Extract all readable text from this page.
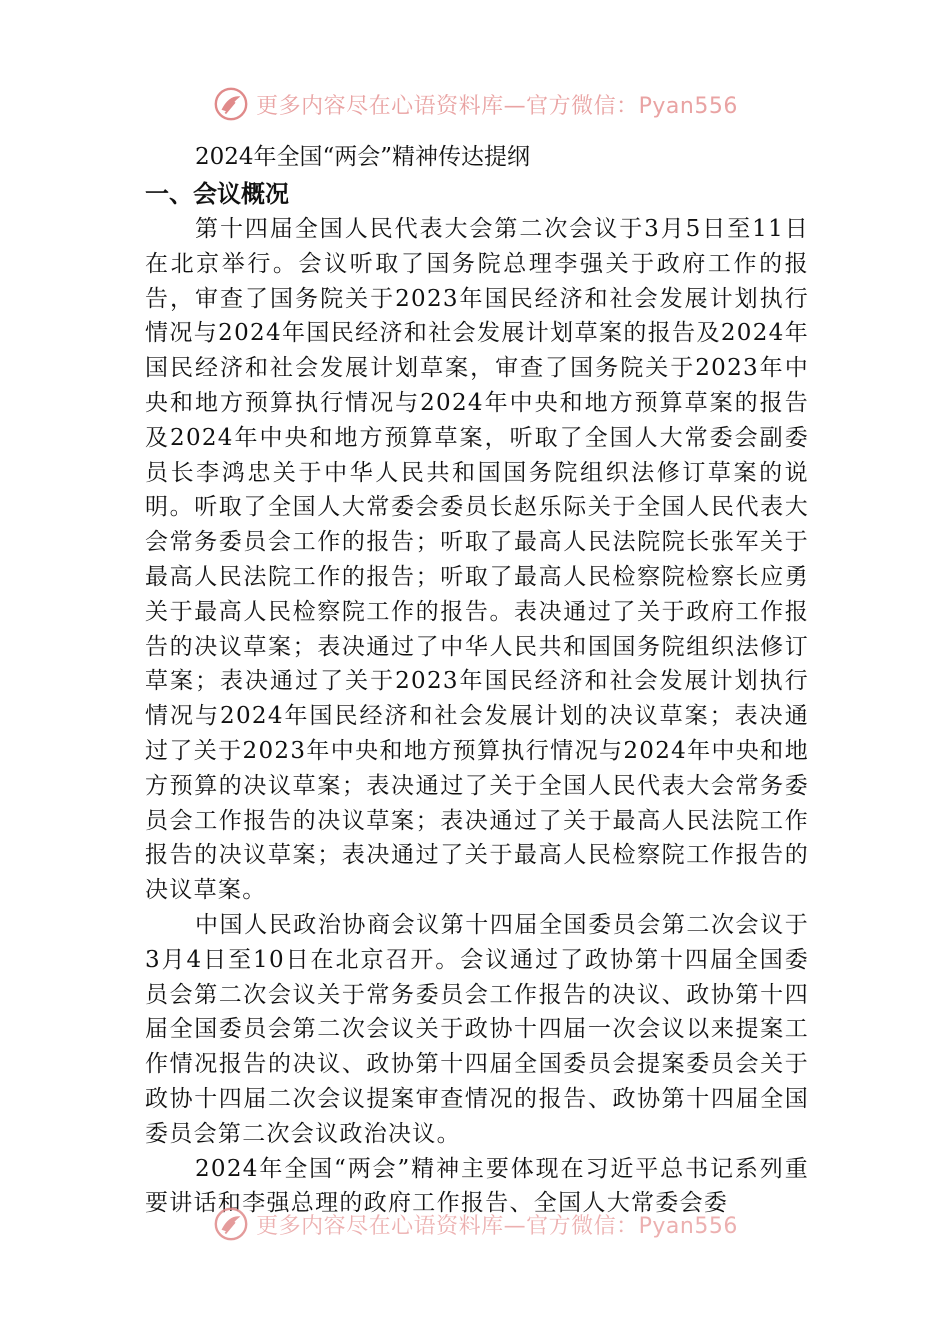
更多内容尽在心语资料库—官方微信：Pyan556
2024年全国“两会”精神传达提纲
一、会议概况

第十四届全国人民代表大会第二次会议于3月5日至11日在北京举行。会议听取了国务院总理李强关于政府工作的报告，审查了国务院关于2023年国民经济和社会发展计划执行情况与2024年国民经济和社会发展计划草案的报告及2024年国民经济和社会发展计划草案，审查了国务院关于2023年中央和地方预算执行情况与2024年中央和地方预算草案的报告及2024年中央和地方预算草案，听取了全国人大常委会副委员长李鸿忠关于中华人民共和国国务院组织法修订草案的说明。听取了全国人大常委会委员长赵乐际关于全国人民代表大会常务委员会工作的报告；听取了最高人民法院院长张军关于最高人民法院工作的报告；听取了最高人民检察院检察长应勇关于最高人民检察院工作的报告。表决通过了关于政府工作报告的决议草案；表决通过了中华人民共和国国务院组织法修订草案；表决通过了关于2023年国民经济和社会发展计划执行情况与2024年国民经济和社会发展计划的决议草案；表决通过了关于2023年中央和地方预算执行情况与2024年中央和地方预算的决议草案；表决通过了关于全国人民代表大会常务委员会工作报告的决议草案；表决通过了关于最高人民法院工作报告的决议草案；表决通过了关于最高人民检察院工作报告的决议草案。

中国人民政治协商会议第十四届全国委员会第二次会议于3月4日至10日在北京召开。会议通过了政协第十四届全国委员会第二次会议关于常务委员会工作报告的决议、政协第十四届全国委员会第二次会议关于政协十四届一次会议以来提案工作情况报告的决议、政协第十四届全国委员会提案委员会关于政协十四届二次会议提案审查情况的报告、政协第十四届全国委员会第二次会议政治决议。

2024年全国“两会”精神主要体现在习近平总书记系列重要讲话和李强总理的政府工作报告、全国人大常委会委

更多内容尽在心语资料库—官方微信：Pyan556
